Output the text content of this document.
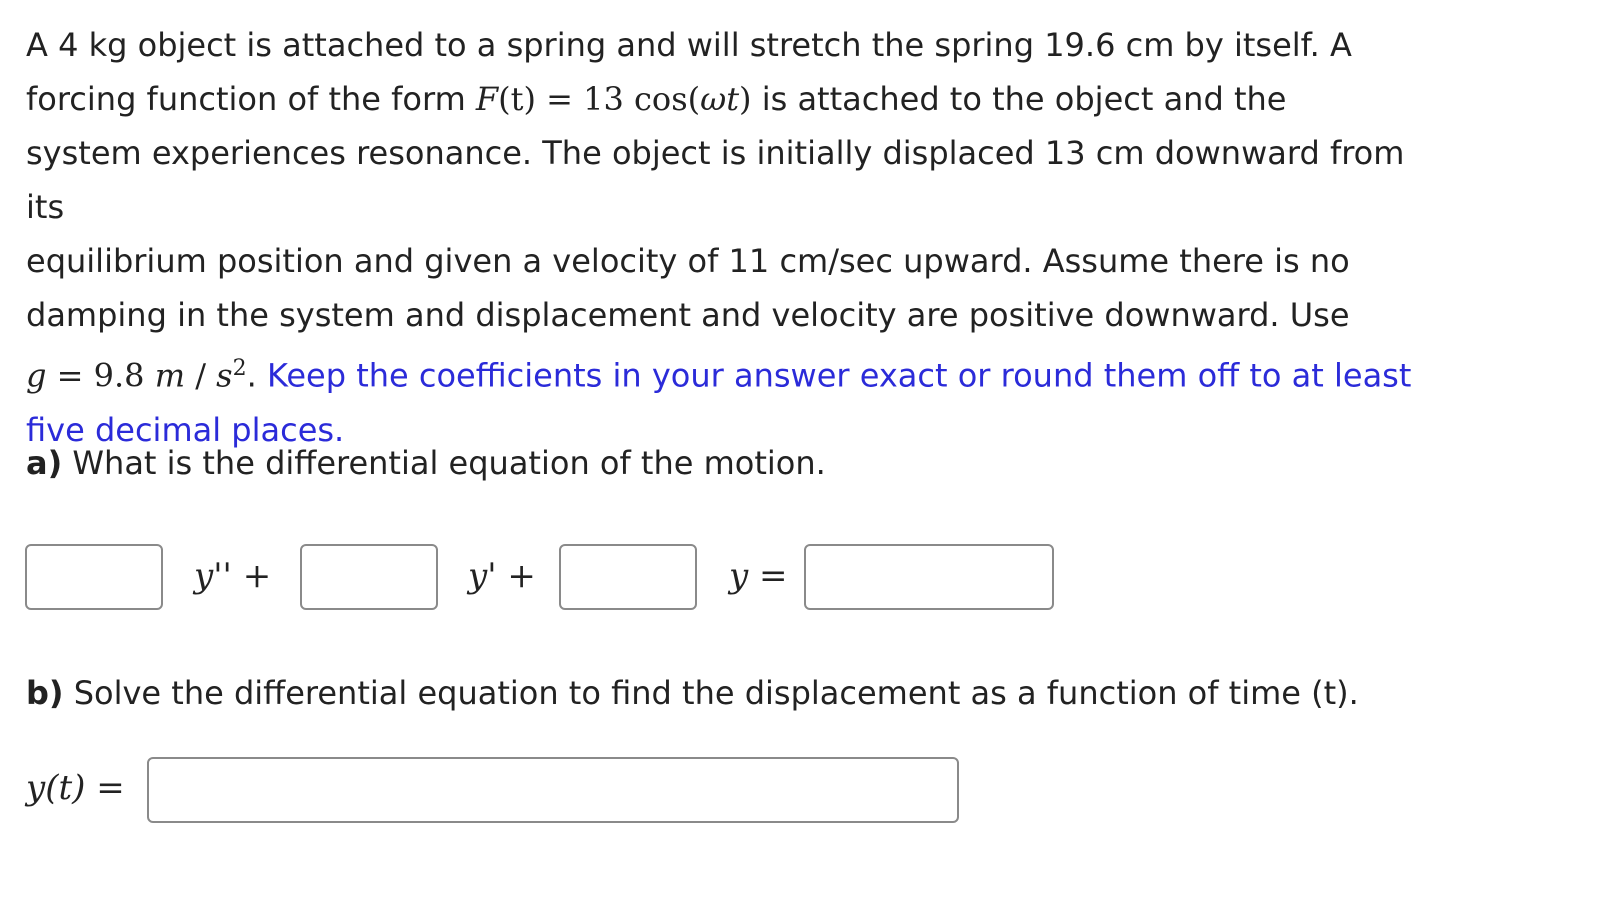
A 4 kg object is attached to a spring and will stretch the spring 19.6 cm by itself. A
forcing function of the form F(t) = 13 cos(ωt) is attached to the object and the
system experiences resonance. The object is initially displaced 13 cm downward from its
equilibrium position and given a velocity of 11 cm/sec upward. Assume there is no
damping in the system and displacement and velocity are positive downward. Use
g = 9.8 m / $s^2$. Keep the coefficients in your answer exact or round them off to at least
five decimal places.
a) What is the differential equation of the motion.
y'' +	y' +	y =
b) Solve the differential equation to find the displacement as a function of time (t).
y(t) =
